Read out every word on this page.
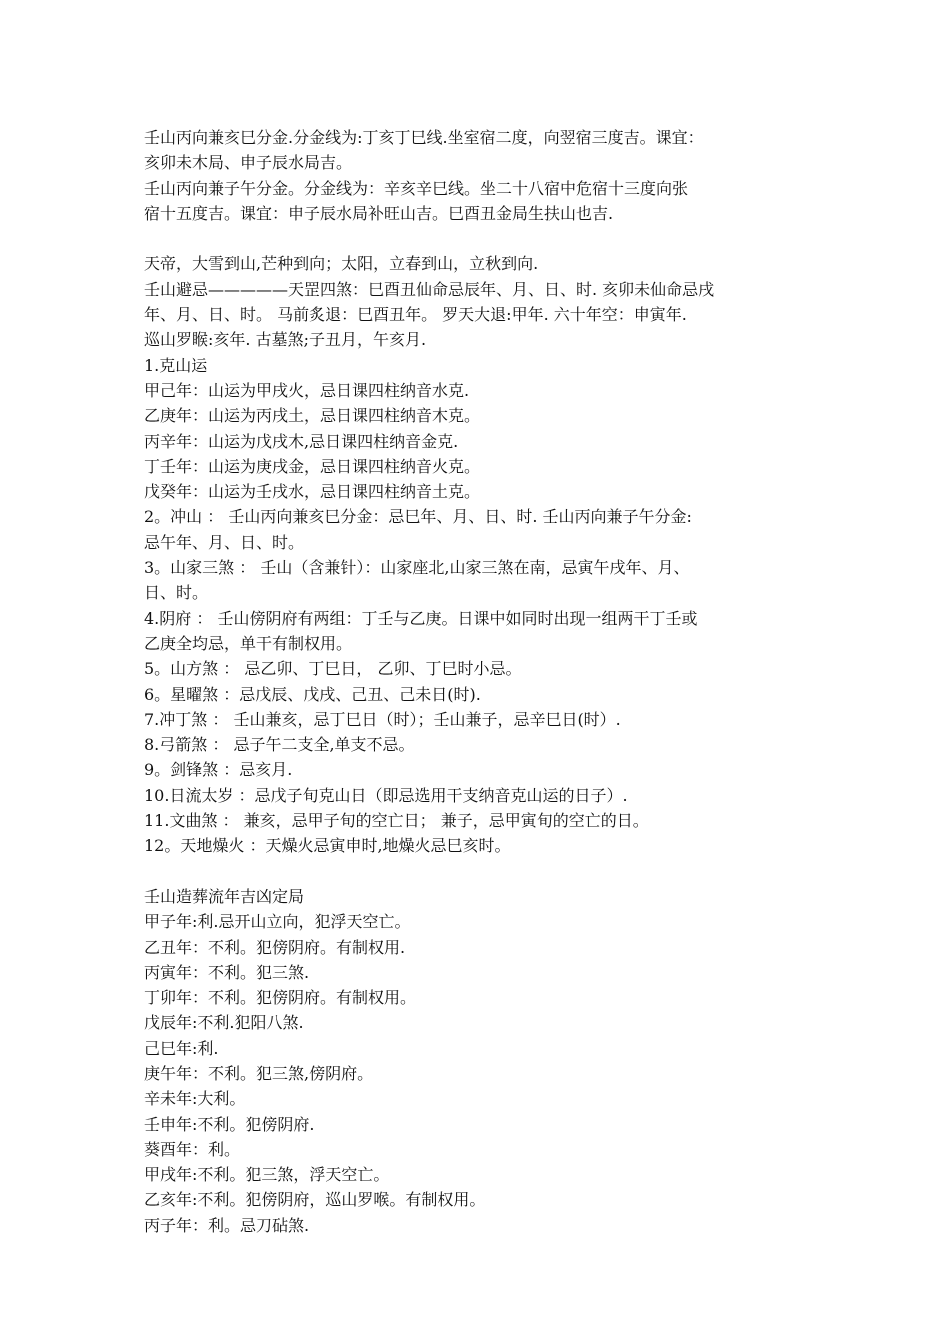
壬山丙向兼亥巳分金.分金线为:丁亥丁巳线.坐室宿二度，向翌宿三度吉。课宜：
亥卯未木局、申子辰水局吉。
壬山丙向兼子午分金。分金线为：辛亥辛巳线。坐二十八宿中危宿十三度向张
宿十五度吉。课宜：申子辰水局补旺山吉。巳酉丑金局生扶山也吉.
天帝，大雪到山,芒种到向；太阳，立春到山，立秋到向.
壬山避忌—————天罡四煞：巳酉丑仙命忌辰年、月、日、时. 亥卯未仙命忌戌
年、月、日、时。 马前炙退：巳酉丑年。 罗天大退:甲年. 六十年空：申寅年.
巡山罗睺:亥年. 古墓煞;子丑月，午亥月.
1.克山运
甲己年：山运为甲戌火，忌日课四柱纳音水克.
乙庚年：山运为丙戌土，忌日课四柱纳音木克。
丙辛年：山运为戊戌木,忌日课四柱纳音金克.
丁壬年：山运为庚戌金，忌日课四柱纳音火克。
戊癸年：山运为壬戌水，忌日课四柱纳音土克。
2。冲山 ： 壬山丙向兼亥巳分金：忌巳年、月、日、时. 壬山丙向兼子午分金:
忌午年、月、日、时。
3。山家三煞 ： 壬山（含兼针）：山家座北,山家三煞在南，忌寅午戌年、月、
日、时。
4.阴府 ： 壬山傍阴府有两组：丁壬与乙庚。日课中如同时出现一组两干丁壬或
乙庚全均忌，单干有制权用。
5。山方煞 ： 忌乙卯、丁巳日， 乙卯、丁巳时小忌。
6。星曜煞 ：忌戊辰、戊戌、己丑、己未日(时).
7.冲丁煞 ： 壬山兼亥，忌丁巳日（时）；壬山兼子，忌辛巳日(时）.
8.弓箭煞 ： 忌子午二支全,单支不忌。
9。剑锋煞 ：忌亥月.
10.日流太岁 ：忌戊子旬克山日（即忌选用干支纳音克山运的日子）.
11.文曲煞 ： 兼亥，忌甲子旬的空亡日； 兼子，忌甲寅旬的空亡的日。
12。天地燥火 ：天燥火忌寅申时,地燥火忌巳亥时。
壬山造葬流年吉凶定局
甲子年:利.忌开山立向，犯浮天空亡。
乙丑年：不利。犯傍阴府。有制权用.
丙寅年：不利。犯三煞.
丁卯年：不利。犯傍阴府。有制权用。
戊辰年:不利.犯阳八煞.
己巳年:利.
庚午年：不利。犯三煞,傍阴府。
辛未年:大利。
壬申年:不利。犯傍阴府.
葵酉年：利。
甲戌年:不利。犯三煞，浮天空亡。
乙亥年:不利。犯傍阴府，巡山罗喉。有制权用。
丙子年：利。忌刀砧煞.
